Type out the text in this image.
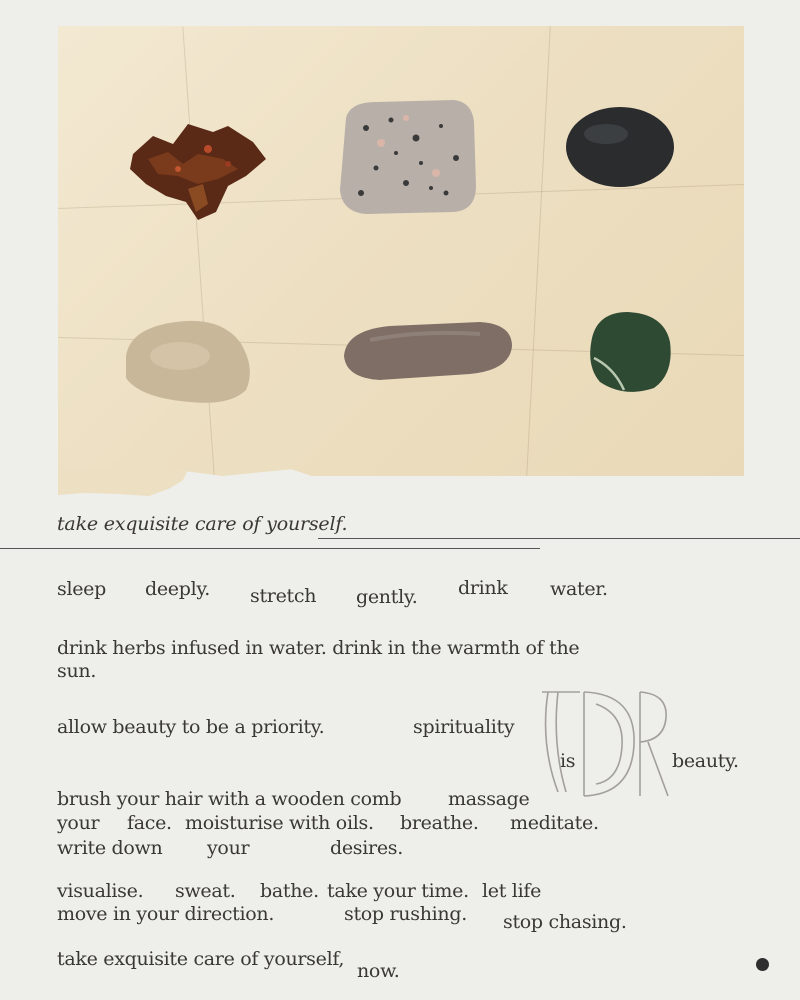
take exquisite care of yourself.
sleep deeply. stretch gently. drink water.
drink herbs infused in water. drink in the warmth of the
sun.
allow beauty to be a priority.	spirituality
is	beauty.
brush your hair with a wooden comb massage
your face. moisturise with oils. breathe. meditate.
write down your	desires.
visualise. sweat. bathe. take your time. let life
move in your direction.	stop rushing. stop chasing.
take exquisite care of yourself,
now.
